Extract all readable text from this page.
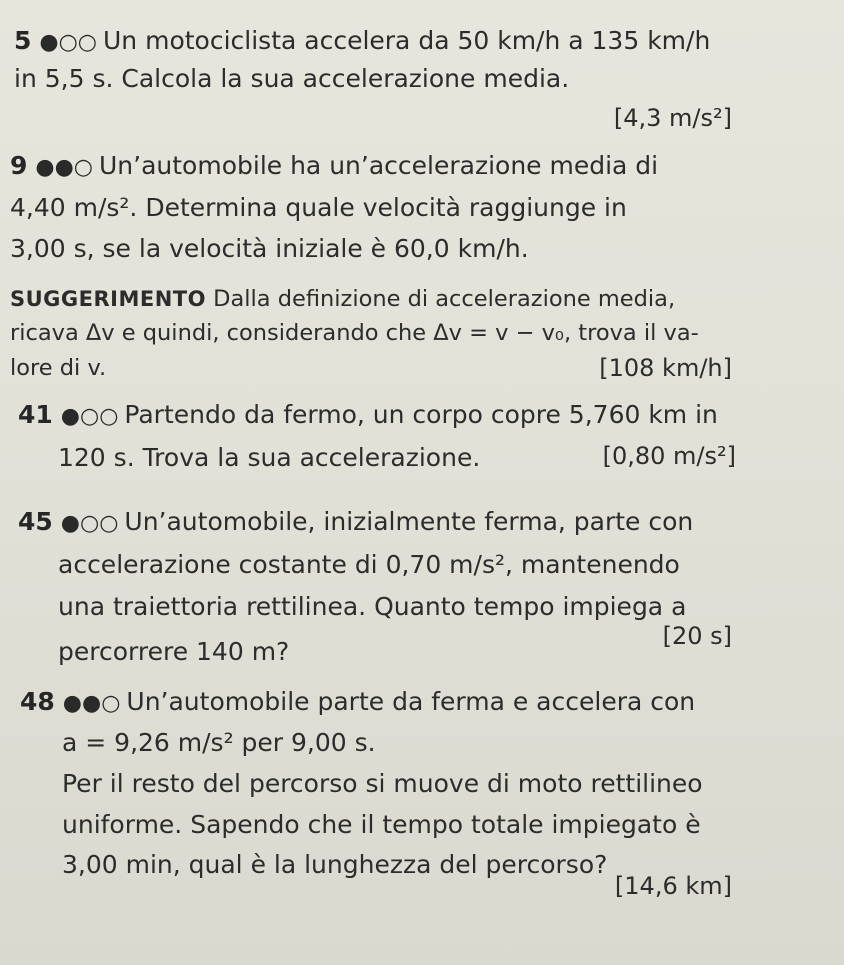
5 ●○○ Un motociclista accelera da 50 km/h a 135 km/h
in 5,5 s. Calcola la sua accelerazione media.
[4,3 m/s²]
9 ●●○ Un’automobile ha un’accelerazione media di
4,40 m/s². Determina quale velocità raggiunge in
3,00 s, se la velocità iniziale è 60,0 km/h.
SUGGERIMENTO Dalla definizione di accelerazione media,
ricava Δv e quindi, considerando che Δv = v − v₀, trova il va-
lore di v.	[108 km/h]
41 ●○○ Partendo da fermo, un corpo copre 5,760 km in
120 s. Trova la sua accelerazione.	[0,80 m/s²]
45 ●○○ Un’automobile, inizialmente ferma, parte con
accelerazione costante di 0,70 m/s², mantenendo
una traiettoria rettilinea. Quanto tempo impiega a
percorrere 140 m?
[20 s]
48 ●●○ Un’automobile parte da ferma e accelera con
a = 9,26 m/s² per 9,00 s.
Per il resto del percorso si muove di moto rettilineo
uniforme. Sapendo che il tempo totale impiegato è
3,00 min, qual è la lunghezza del percorso?
[14,6 km]
